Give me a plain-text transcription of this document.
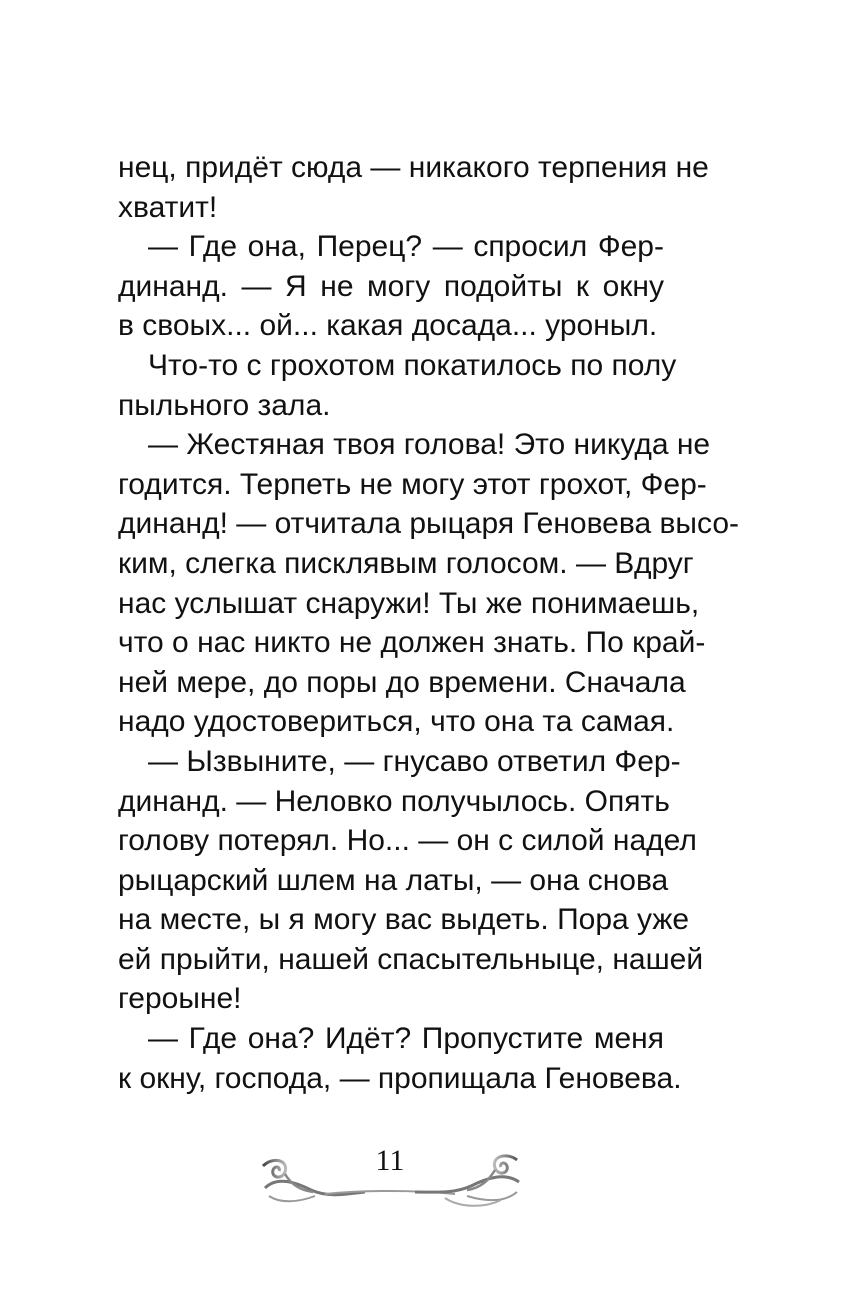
нец, придёт сюда — никакого терпения не
хватит!
— Где она, Перец? — спросил Фер-
динанд. — Я не могу подойты к окну
в своых... ой... какая досада... уроныл.
Что-то с грохотом покатилось по полу
пыльного зала.
— Жестяная твоя голова! Это никуда не
годится. Терпеть не могу этот грохот, Фер-
динанд! — отчитала рыцаря Геновева высо-
ким, слегка писклявым голосом. — Вдруг
нас услышат снаружи! Ты же понимаешь,
что о нас никто не должен знать. По край-
ней мере, до поры до времени. Сначала
надо удостовериться, что она та самая.
— Ызвыните, — гнусаво ответил Фер-
динанд. — Неловко получылось. Опять
голову потерял. Но... — он с силой надел
рыцарский шлем на латы, — она снова
на месте, ы я могу вас выдеть. Пора уже
ей прыйти, нашей спасытельныце, нашей
героыне!
— Где она? Идёт? Пропустите меня
к окну, господа, — пропищала Геновева.
11
